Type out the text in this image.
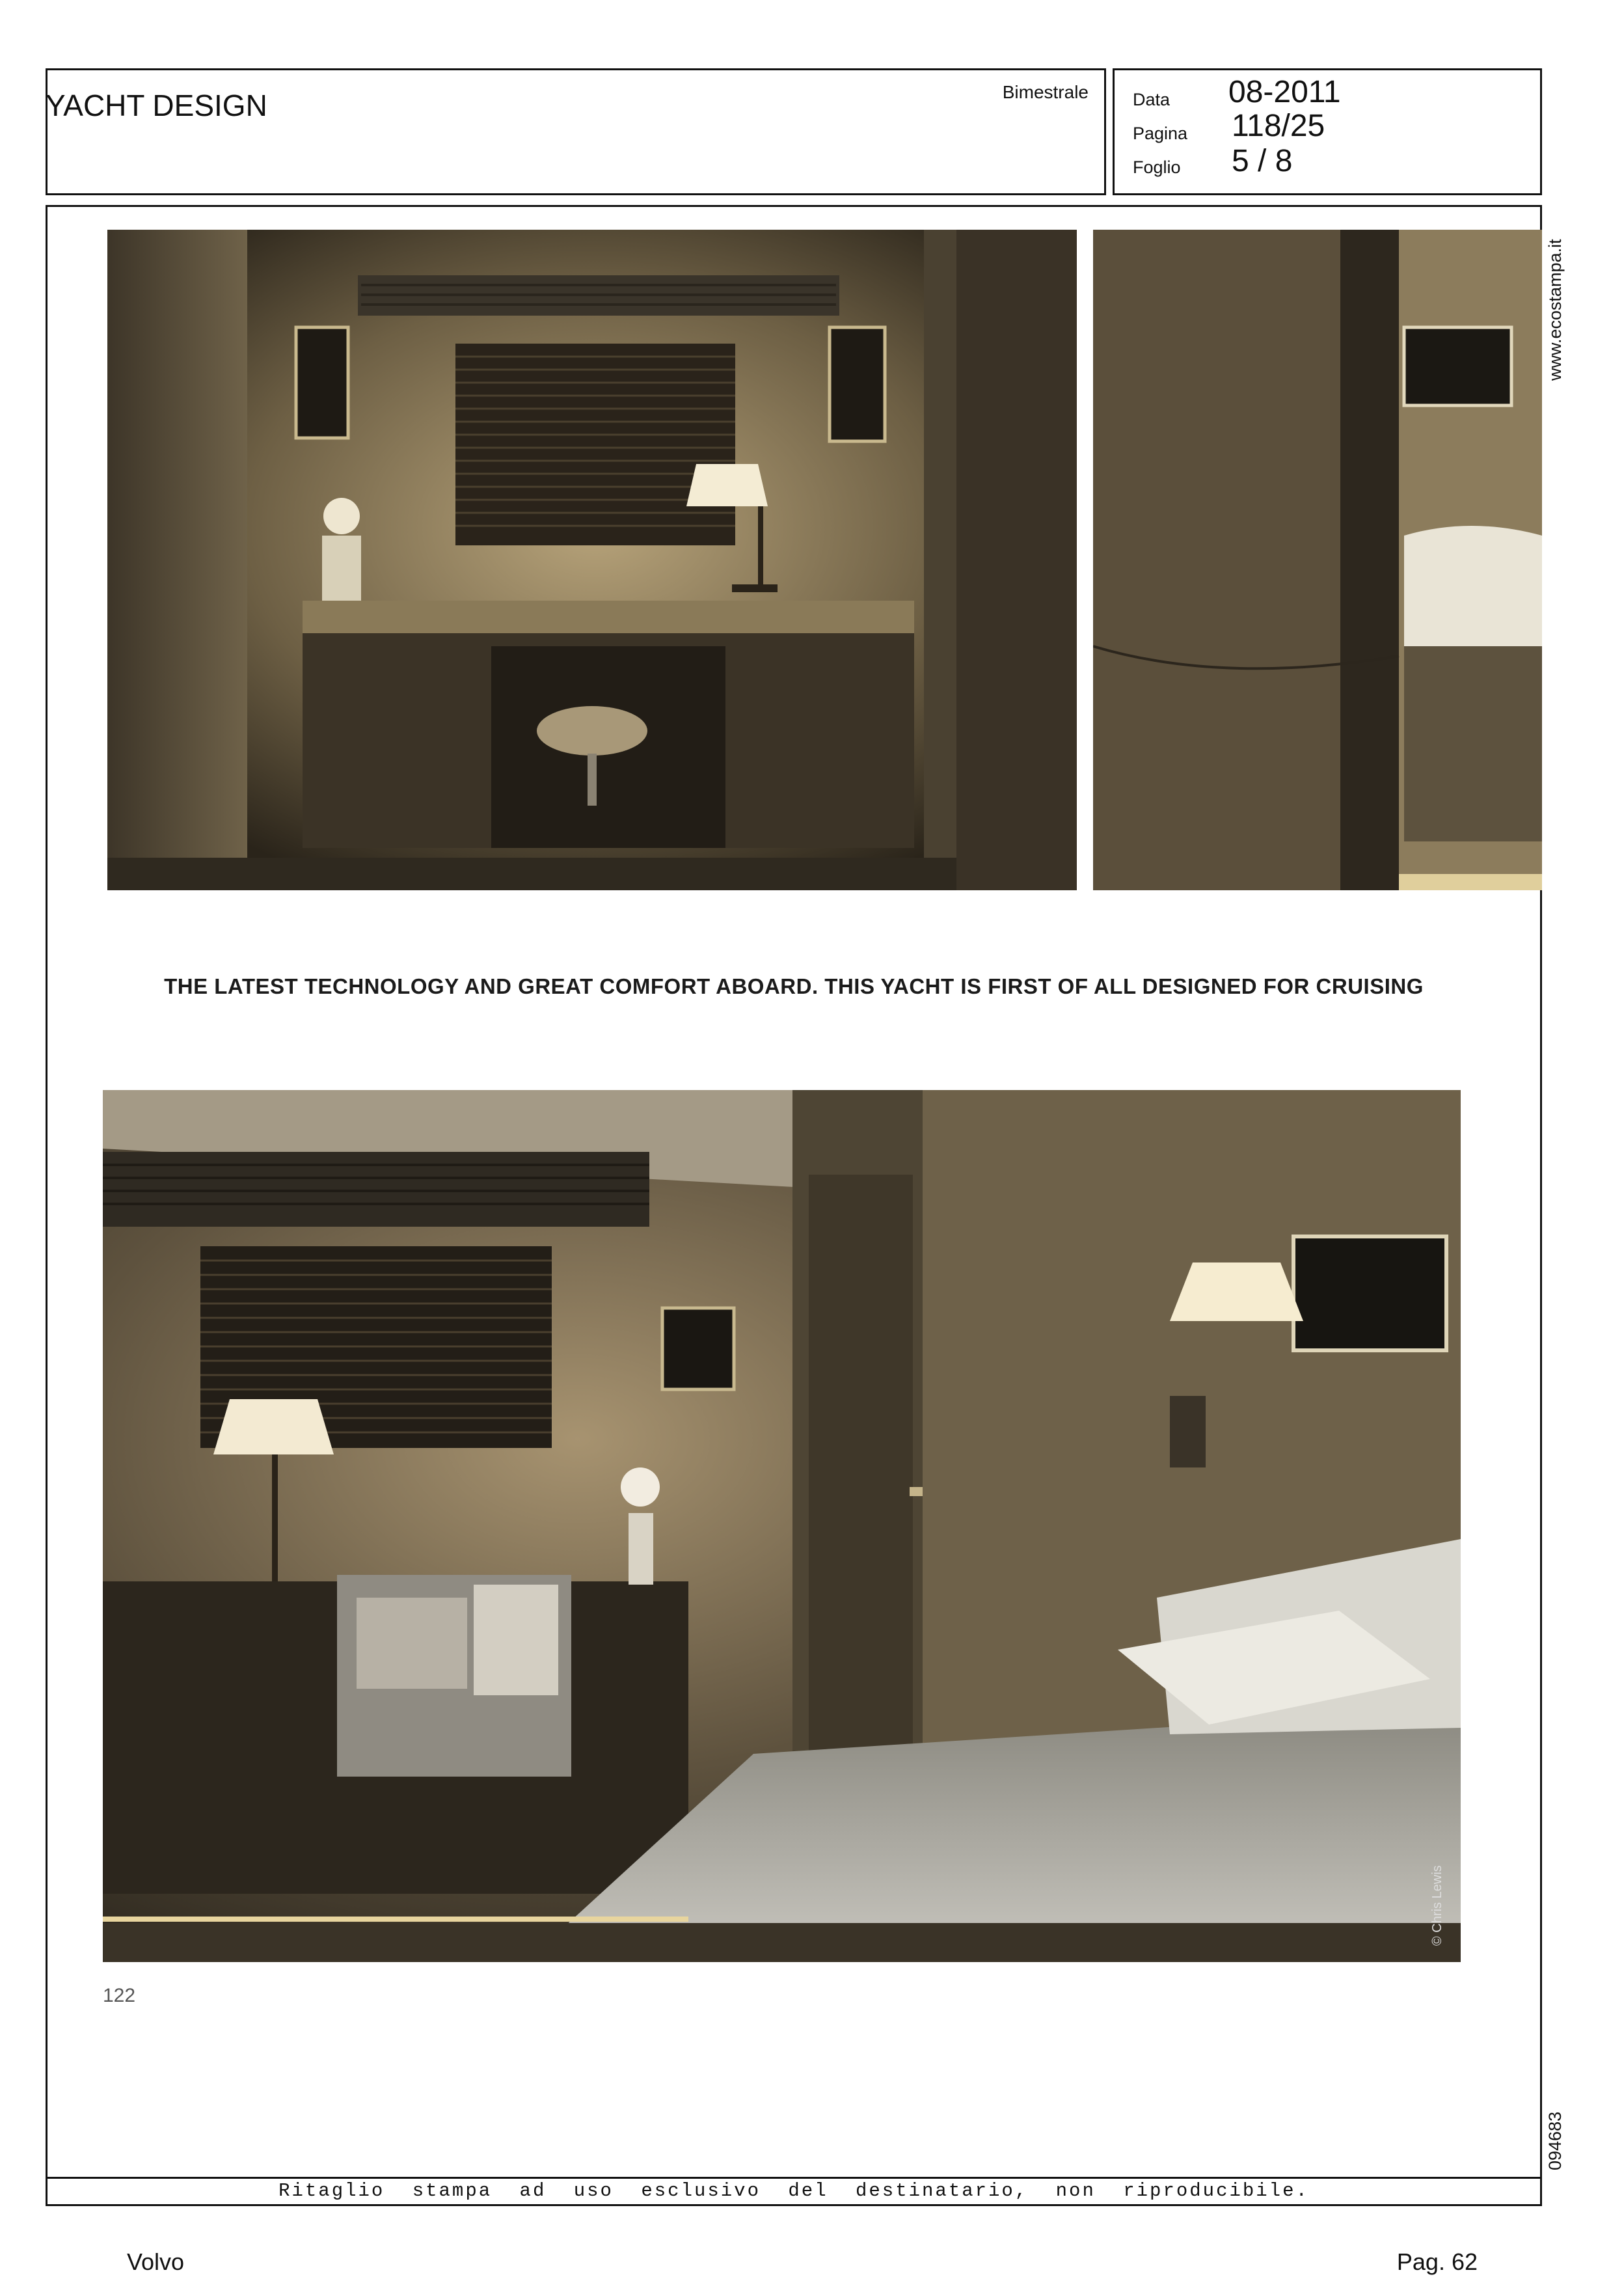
Bimestrale
YACHT DESIGN	Data 08-2011
Pagina 118/25
Foglio 5 / 8
Ritaglio stampa ad uso esclusivo del destinatario, non riproducibile.
www.ecostampa.it
094683
THE LATEST TECHNOLOGY AND GREAT COMFORT ABOARD. THIS YACHT IS FIRST OF ALL DESIGNED FOR CRUISING
© Chris Lewis
122
Volvo	Pag. 62
